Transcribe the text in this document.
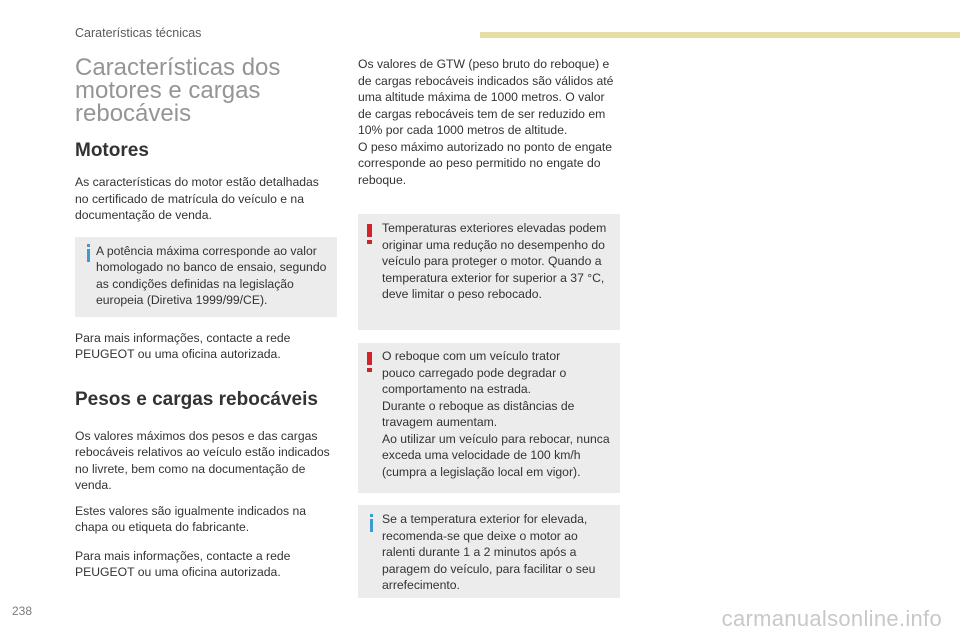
Caraterísticas técnicas
Características dos
motores e cargas
rebocáveis
Motores

As características do motor estão detalhadas
no certificado de matrícula do veículo e na
documentação de venda.

A potência máxima corresponde ao valor
homologado no banco de ensaio, segundo
as condições definidas na legislação
europeia (Diretiva 1999/99/CE).

Para mais informações, contacte a rede
PEUGEOT ou uma oficina autorizada.

Pesos e cargas rebocáveis

Os valores máximos dos pesos e das cargas
rebocáveis relativos ao veículo estão indicados
no livrete, bem como na documentação de
venda.

Estes valores são igualmente indicados na
chapa ou etiqueta do fabricante.

Para mais informações, contacte a rede
PEUGEOT ou uma oficina autorizada.

Os valores de GTW (peso bruto do reboque) e
de cargas rebocáveis indicados são válidos até
uma altitude máxima de 1000 metros. O valor
de cargas rebocáveis tem de ser reduzido em
10% por cada 1000 metros de altitude.
O peso máximo autorizado no ponto de engate
corresponde ao peso permitido no engate do
reboque.

Temperaturas exteriores elevadas podem
originar uma redução no desempenho do
veículo para proteger o motor. Quando a
temperatura exterior for superior a 37 °C,
deve limitar o peso rebocado.
O reboque com um veículo trator
pouco carregado pode degradar o
comportamento na estrada.
Durante o reboque as distâncias de
travagem aumentam.
Ao utilizar um veículo para rebocar, nunca
exceda uma velocidade de 100 km/h
(cumpra a legislação local em vigor).
Se a temperatura exterior for elevada,
recomenda-se que deixe o motor ao
ralenti durante 1 a 2 minutos após a
paragem do veículo, para facilitar o seu
arrefecimento.
238	carmanualsonline.info
